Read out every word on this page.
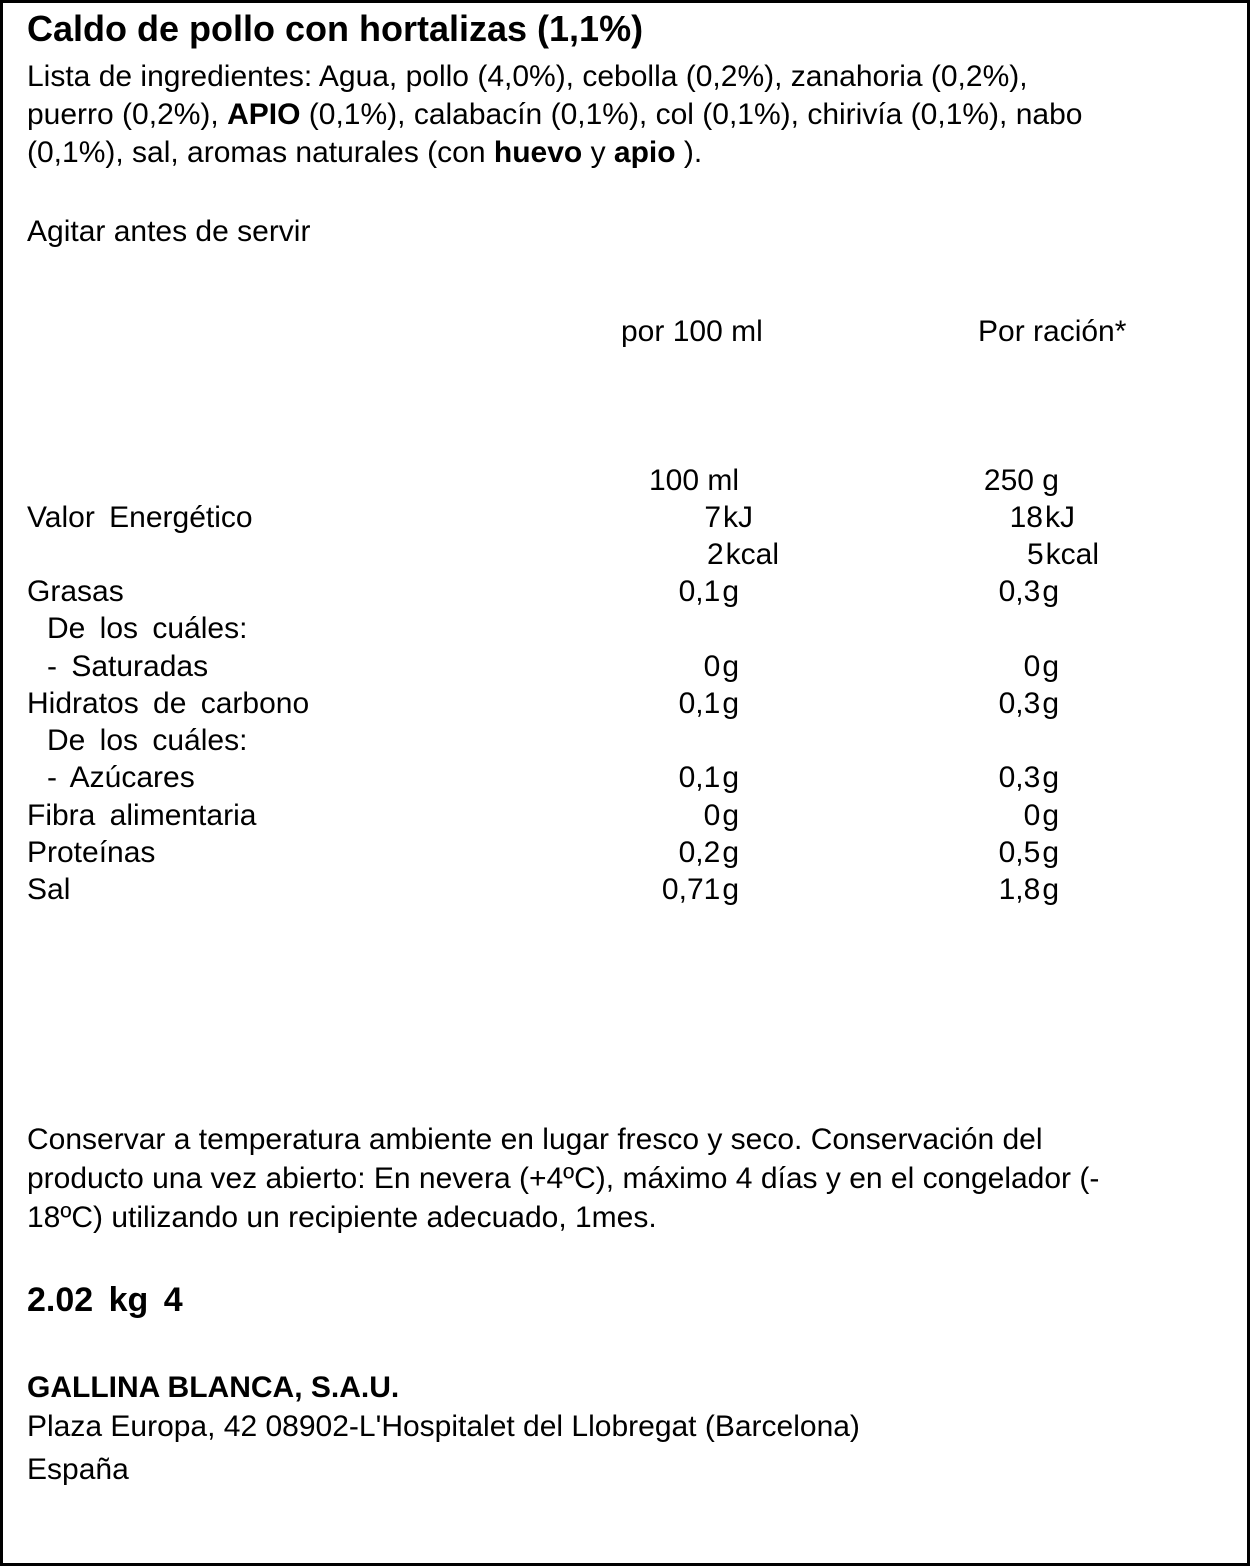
Caldo de pollo con hortalizas (1,1%)
Lista de ingredientes: Agua, pollo (4,0%), cebolla (0,2%), zanahoria (0,2%),
puerro (0,2%), APIO (0,1%), calabacín (0,1%), col (0,1%), chirivía (0,1%), nabo
(0,1%), sal, aromas naturales (con huevo y apio ).
Agitar antes de servir
por 100 ml	Por ración*
100 ml	250 g
Valor Energético	7kJ	18kJ
2kcal	5kcal
Grasas	0,1g	0,3g
De los cuáles:
- Saturadas	0g	0g
Hidratos de carbono	0,1g	0,3g
De los cuáles:
- Azúcares	0,1g	0,3g
Fibra alimentaria	0g	0g
Proteínas	0,2g	0,5g
Sal	0,71g	1,8g
Conservar a temperatura ambiente en lugar fresco y seco. Conservación del
producto una vez abierto: En nevera (+4ºC), máximo 4 días y en el congelador (-
18ºC) utilizando un recipiente adecuado, 1mes.
2.02 kg 4
GALLINA BLANCA, S.A.U.
Plaza Europa, 42 08902-L'Hospitalet del Llobregat (Barcelona)
España
